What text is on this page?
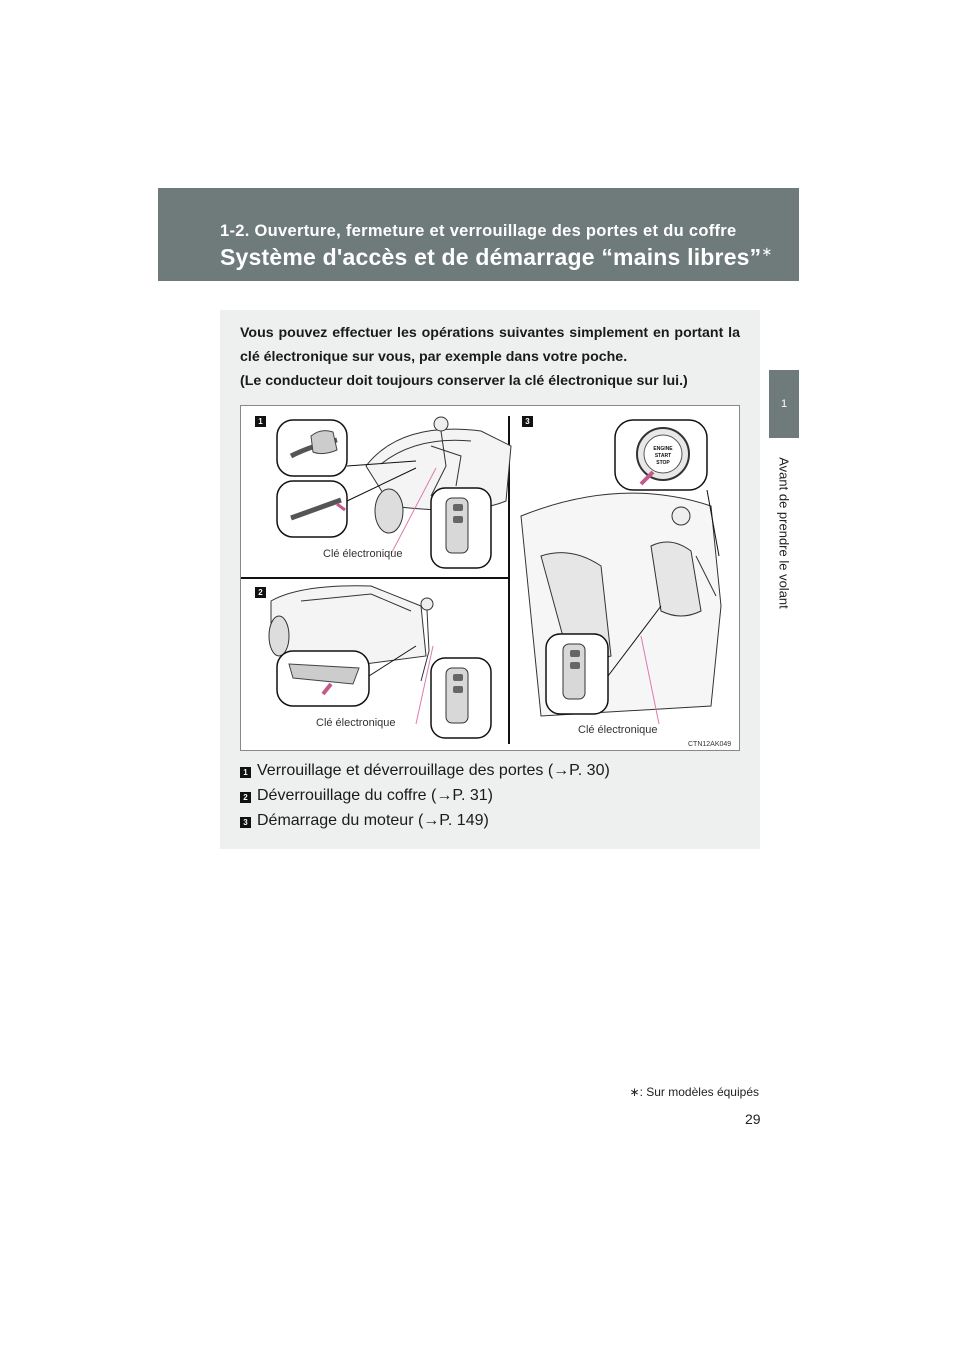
1-2. Ouverture, fermeture et verrouillage des portes et du coffre
Système d'accès et de démarrage “mains libres”∗
1
Avant de prendre le volant
Vous pouvez effectuer les opérations suivantes simplement en portant la clé électronique sur vous, par exemple dans votre poche.
(Le conducteur doit toujours conserver la clé électronique sur lui.)
ENGINE
START
STOP
1	3
2
Clé électronique
Clé électronique
Clé électronique
CTN12AK049
1 Verrouillage et déverrouillage des portes (→P. 30)
2 Déverrouillage du coffre (→P. 31)
3 Démarrage du moteur (→P. 149)
∗: Sur modèles équipés
29
